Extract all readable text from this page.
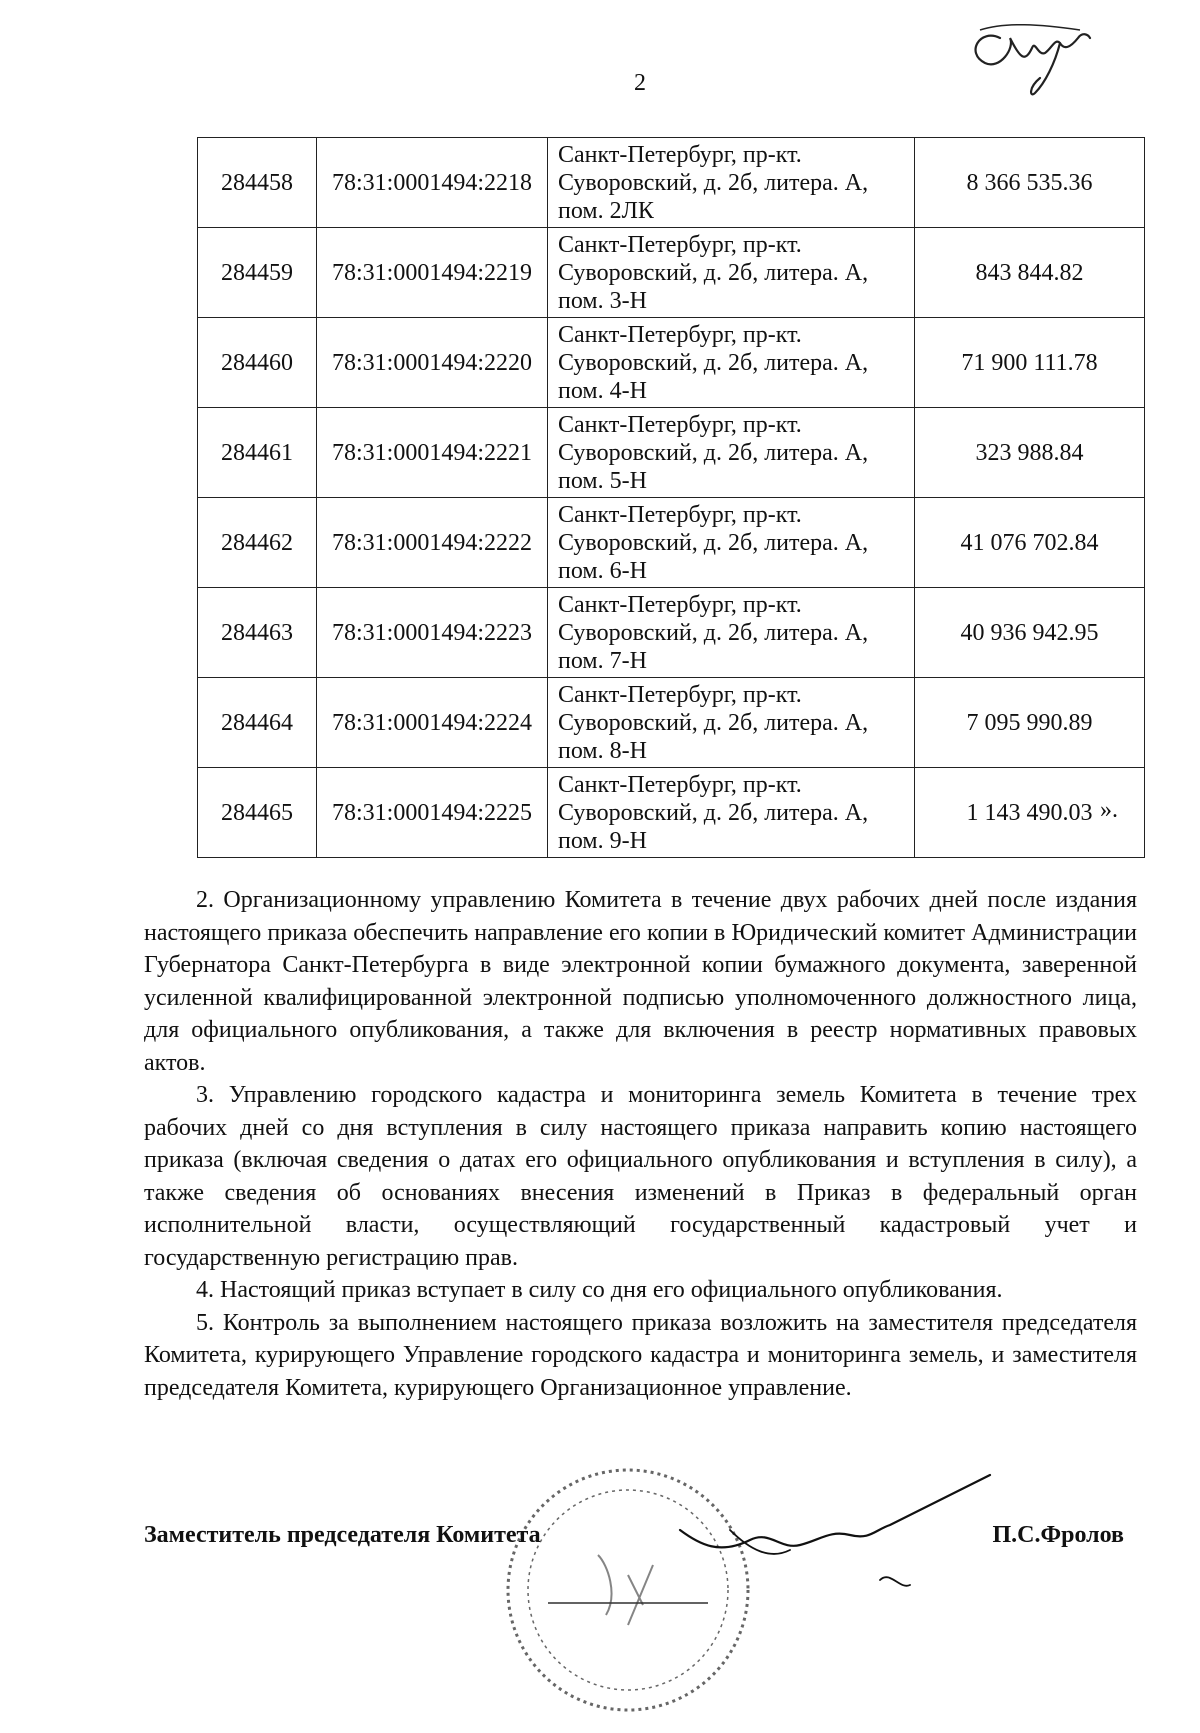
2
284458	78:31:0001494:2218	Санкт-Петербург, пр-кт.
Суворовский, д. 2б, литера. А,
пом. 2ЛК	8 366 535.36
284459	78:31:0001494:2219	Санкт-Петербург, пр-кт.
Суворовский, д. 2б, литера. А,
пом. 3-Н	843 844.82
284460	78:31:0001494:2220	Санкт-Петербург, пр-кт.
Суворовский, д. 2б, литера. А,
пом. 4-Н	71 900 111.78
284461	78:31:0001494:2221	Санкт-Петербург, пр-кт.
Суворовский, д. 2б, литера. А,
пом. 5-Н	323 988.84
284462	78:31:0001494:2222	Санкт-Петербург, пр-кт.
Суворовский, д. 2б, литера. А,
пом. 6-Н	41 076 702.84
284463	78:31:0001494:2223	Санкт-Петербург, пр-кт.
Суворовский, д. 2б, литера. А,
пом. 7-Н	40 936 942.95
284464	78:31:0001494:2224	Санкт-Петербург, пр-кт.
Суворовский, д. 2б, литера. А,
пом. 8-Н	7 095 990.89
284465	78:31:0001494:2225	Санкт-Петербург, пр-кт.
Суворовский, д. 2б, литера. А,
пом. 9-Н	1 143 490.03 ».

2. Организационному управлению Комитета в течение двух рабочих дней после издания настоящего приказа обеспечить направление его копии в Юридический комитет Администрации Губернатора Санкт-Петербурга в виде электронной копии бумажного документа, заверенной усиленной квалифицированной электронной подписью уполномоченного должностного лица, для официального опубликования, а также для включения в реестр нормативных правовых актов.

3. Управлению городского кадастра и мониторинга земель Комитета в течение трех рабочих дней со дня вступления в силу настоящего приказа направить копию настоящего приказа (включая сведения о датах его официального опубликования и вступления в силу), а также сведения об основаниях внесения изменений в Приказ в федеральный орган исполнительной власти, осуществляющий государственный кадастровый учет и государственную регистрацию прав.

4. Настоящий приказ вступает в силу со дня его официального опубликования.

5. Контроль за выполнением настоящего приказа возложить на заместителя председателя Комитета, курирующего Управление городского кадастра и мониторинга земель, и заместителя председателя Комитета, курирующего Организационное управление.

Заместитель председателя Комитета	П.С.Фролов
